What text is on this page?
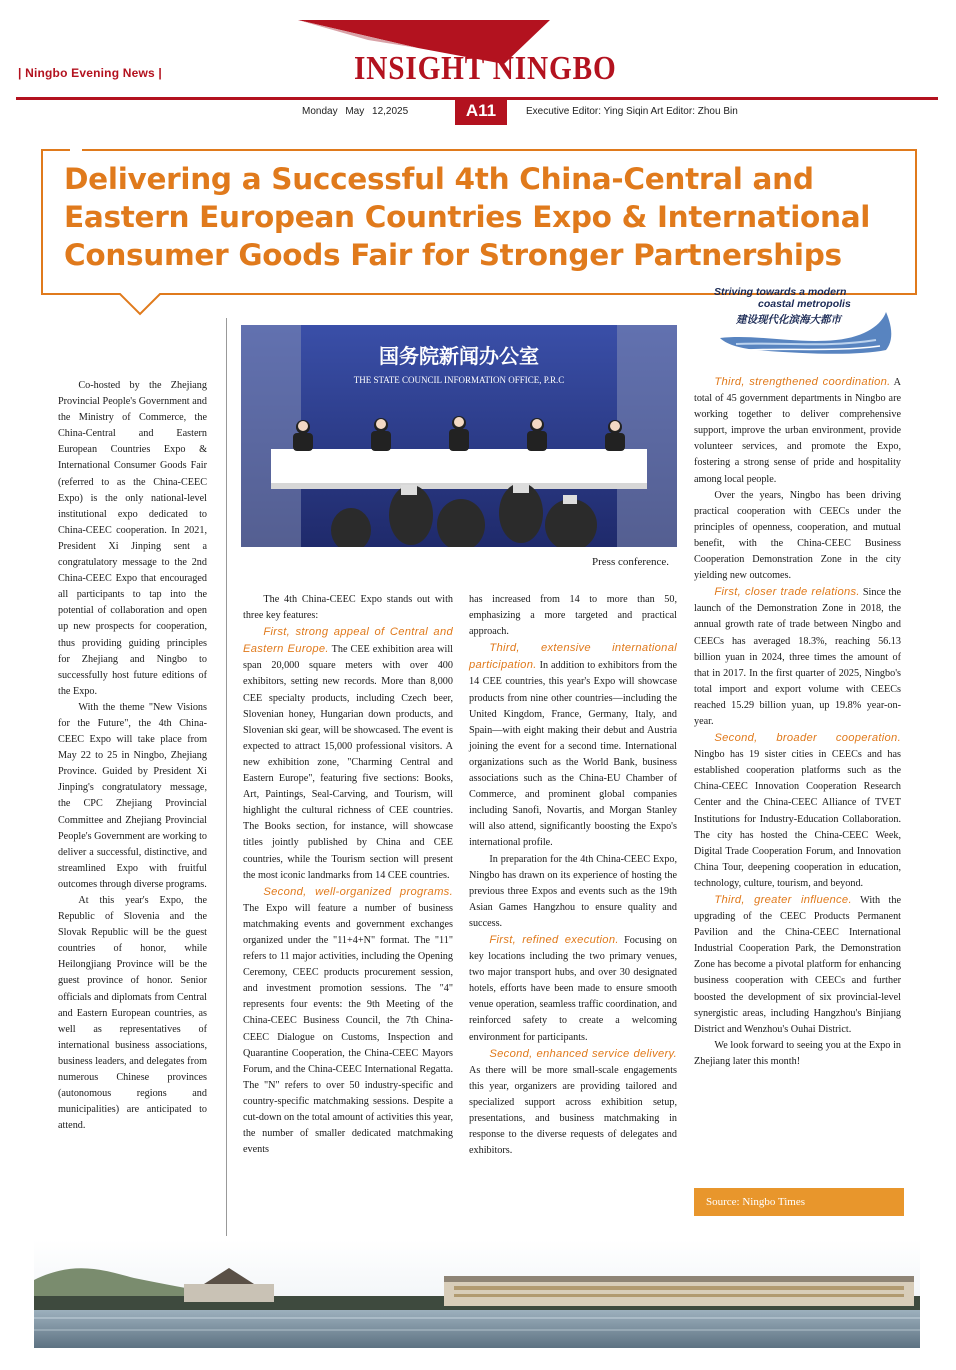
| Ningbo Evening News |	INSIGHT NINGBO
Monday May 12,2025	A11	Executive Editor: Ying Siqin Art Editor: Zhou Bin
Delivering a Successful 4th China-Central and Eastern European Countries Expo & International Consumer Goods Fair for Stronger Partnerships
Striving towards a modern
coastal metropolis
建设现代化滨海大都市
国务院新闻办公室
THE STATE COUNCIL INFORMATION OFFICE, P.R.C
Press conference.

Co-hosted by the Zhejiang Provincial People's Government and the Ministry of Commerce, the China-Central and Eastern European Countries Expo & International Consumer Goods Fair (referred to as the China-CEEC Expo) is the only national-level institutional expo dedicated to China-CEEC cooperation. In 2021, President Xi Jinping sent a congratulatory message to the 2nd China-CEEC Expo that encouraged all participants to tap into the potential of collaboration and open up new prospects for cooperation, thus providing guiding principles for Zhejiang and Ningbo to successfully host future editions of the Expo.

With the theme "New Visions for the Future", the 4th China-CEEC Expo will take place from May 22 to 25 in Ningbo, Zhejiang Province. Guided by President Xi Jinping's congratulatory message, the CPC Zhejiang Provincial Committee and Zhejiang Provincial People's Government are working to deliver a successful, distinctive, and streamlined Expo with fruitful outcomes through diverse programs.

At this year's Expo, the Republic of Slovenia and the Slovak Republic will be the guest countries of honor, while Heilongjiang Province will be the guest province of honor. Senior officials and diplomats from Central and Eastern European countries, as well as representatives of international business associations, business leaders, and delegates from numerous Chinese provinces (autonomous regions and municipalities) are anticipated to attend.

The 4th China-CEEC Expo stands out with three key features:

First, strong appeal of Central and Eastern Europe. The CEE exhibition area will span 20,000 square meters with over 400 exhibitors, setting new records. More than 8,000 CEE specialty products, including Czech beer, Slovenian honey, Hungarian down products, and Slovenian ski gear, will be showcased. The event is expected to attract 15,000 professional visitors. A new exhibition zone, "Charming Central and Eastern Europe", featuring five sections: Books, Art, Paintings, Seal-Carving, and Tourism, will highlight the cultural richness of CEE countries. The Books section, for instance, will showcase titles jointly published by China and CEE countries, while the Tourism section will present the most iconic landmarks from 14 CEE countries.

Second, well-organized programs. The Expo will feature a number of business matchmaking events and government exchanges organized under the "11+4+N" format. The "11" refers to 11 major activities, including the Opening Ceremony, CEEC products procurement session, and investment promotion sessions. The "4" represents four events: the 9th Meeting of the China-CEEC Business Council, the 7th China-CEEC Dialogue on Customs, Inspection and Quarantine Cooperation, the China-CEEC Mayors Forum, and the China-CEEC International Regatta. The "N" refers to over 50 industry-specific and country-specific matchmaking sessions. Despite a cut-down on the total amount of activities this year, the number of smaller dedicated matchmaking events

has increased from 14 to more than 50, emphasizing a more targeted and practical approach.

Third, extensive international participation. In addition to exhibitors from the 14 CEE countries, this year's Expo will showcase products from nine other countries—including the United Kingdom, France, Germany, Italy, and Spain—with eight making their debut and Austria joining the event for a second time. International organizations such as the World Bank, business associations such as the China-EU Chamber of Commerce, and prominent global companies including Sanofi, Novartis, and Morgan Stanley will also attend, significantly boosting the Expo's international profile.

In preparation for the 4th China-CEEC Expo, Ningbo has drawn on its experience of hosting the previous three Expos and events such as the 19th Asian Games Hangzhou to ensure quality and success.

First, refined execution. Focusing on key locations including the two primary venues, two major transport hubs, and over 30 designated hotels, efforts have been made to ensure smooth venue operation, seamless traffic coordination, and reinforced safety to create a welcoming environment for participants.

Second, enhanced service delivery. As there will be more small-scale engagements this year, organizers are providing tailored and specialized support across exhibition setup, presentations, and business matchmaking in response to the diverse requests of delegates and exhibitors.

Third, strengthened coordination. A total of 45 government departments in Ningbo are working together to deliver comprehensive support, improve the urban environment, provide volunteer services, and promote the Expo, fostering a strong sense of pride and hospitality among local people.

Over the years, Ningbo has been driving practical cooperation with CEECs under the principles of openness, cooperation, and mutual benefit, with the China-CEEC Business Cooperation Demonstration Zone in the city yielding new outcomes.

First, closer trade relations. Since the launch of the Demonstration Zone in 2018, the annual growth rate of trade between Ningbo and CEECs has averaged 18.3%, reaching 56.13 billion yuan in 2024, three times the amount of that in 2017. In the first quarter of 2025, Ningbo's total import and export volume with CEECs reached 15.29 billion yuan, up 19.8% year-on-year.

Second, broader cooperation. Ningbo has 19 sister cities in CEECs and has established cooperation platforms such as the China-CEEC Innovation Cooperation Research Center and the China-CEEC Alliance of TVET Institutions for Industry-Education Collaboration. The city has hosted the China-CEEC Week, Digital Trade Cooperation Forum, and Innovation China Tour, deepening cooperation in education, technology, culture, tourism, and beyond.

Third, greater influence. With the upgrading of the CEEC Products Permanent Pavilion and the China-CEEC International Industrial Cooperation Park, the Demonstration Zone has become a pivotal platform for enhancing business cooperation with CEECs and further boosted the development of six provincial-level synergistic areas, including Hangzhou's Binjiang District and Wenzhou's Ouhai District.

We look forward to seeing you at the Expo in Zhejiang later this month!

Source: Ningbo Times
